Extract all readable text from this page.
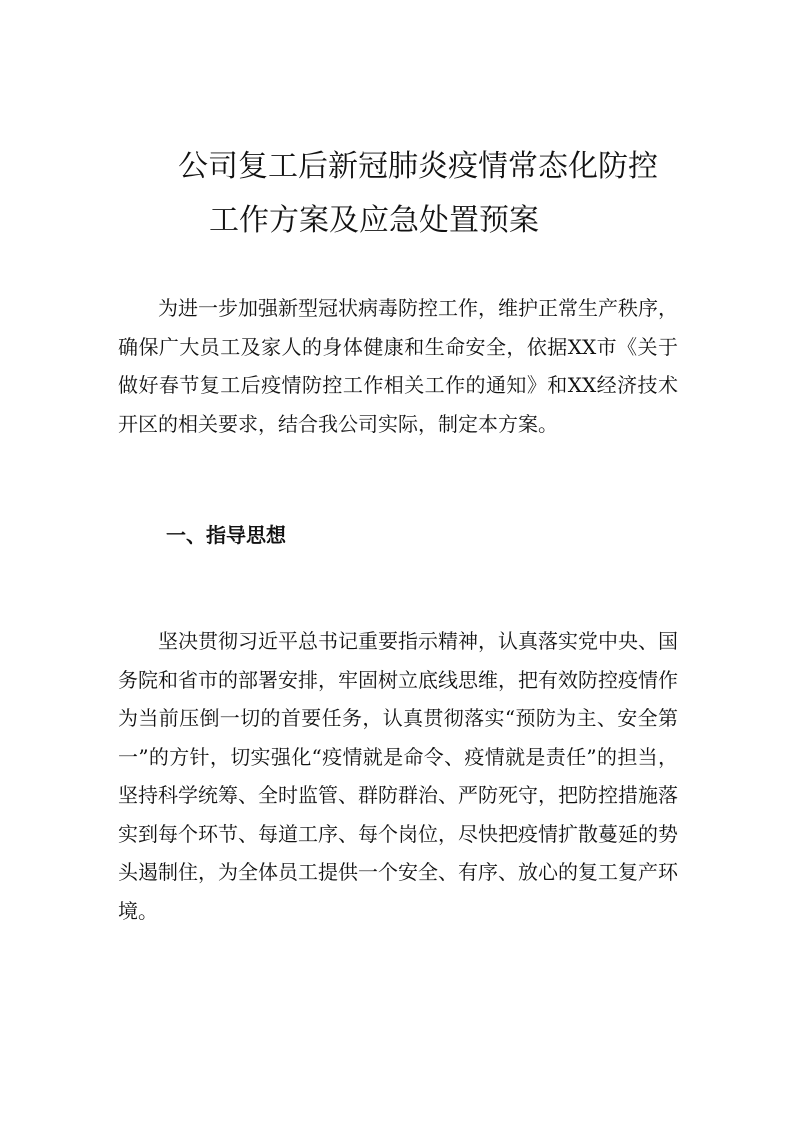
公司复工后新冠肺炎疫情常态化防控
工作方案及应急处置预案

为进一步加强新型冠状病毒防控工作，维护正常生产秩序，确保广大员工及家人的身体健康和生命安全，依据XX市《关于做好春节复工后疫情防控工作相关工作的通知》和XX经济技术开区的相关要求，结合我公司实际，制定本方案。

一、指导思想

坚决贯彻习近平总书记重要指示精神，认真落实党中央、国务院和省市的部署安排，牢固树立底线思维，把有效防控疫情作为当前压倒一切的首要任务，认真贯彻落实“预防为主、安全第一”的方针，切实强化“疫情就是命令、疫情就是责任”的担当，坚持科学统筹、全时监管、群防群治、严防死守，把防控措施落实到每个环节、每道工序、每个岗位，尽快把疫情扩散蔓延的势头遏制住，为全体员工提供一个安全、有序、放心的复工复产环境。
